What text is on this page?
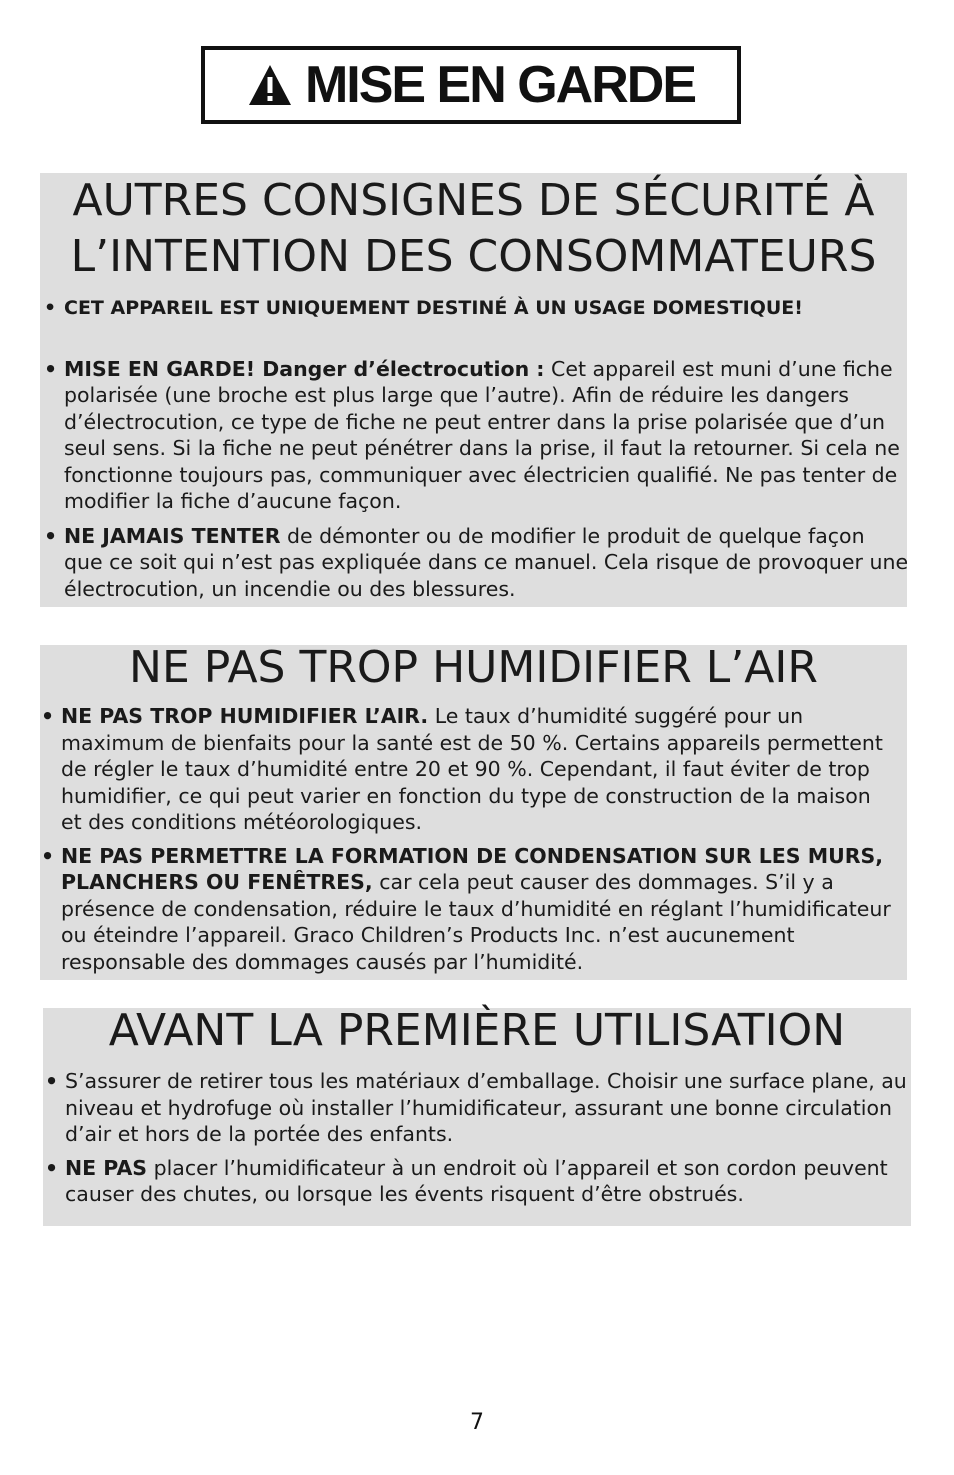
MISE EN GARDE
AUTRES CONSIGNES DE SÉCURITÉ À
L’INTENTION DES CONSOMMATEURS
• CET APPAREIL EST UNIQUEMENT DESTINÉ À UN USAGE DOMESTIQUE!
• MISE EN GARDE! Danger d’électrocution : Cet appareil est muni d’une fiche polarisée (une broche est plus large que l’autre). Afin de réduire les dangers d’électrocution, ce type de fiche ne peut entrer dans la prise polarisée que d’un seul sens. Si la fiche ne peut pénétrer dans la prise, il faut la retourner. Si cela ne fonctionne toujours pas, communiquer avec électricien qualifié. Ne pas tenter de modifier la fiche d’aucune façon.
• NE JAMAIS TENTER de démonter ou de modifier le produit de quelque façon que ce soit qui n’est pas expliquée dans ce manuel. Cela risque de provoquer une électrocution, un incendie ou des blessures.
NE PAS TROP HUMIDIFIER L’AIR
• NE PAS TROP HUMIDIFIER L’AIR. Le taux d’humidité suggéré pour un maximum de bienfaits pour la santé est de 50 %. Certains appareils permettent de régler le taux d’humidité entre 20 et 90 %. Cependant, il faut éviter de trop humidifier, ce qui peut varier en fonction du type de construction de la maison et des conditions météorologiques.
• NE PAS PERMETTRE LA FORMATION DE CONDENSATION SUR LES MURS, PLANCHERS OU FENÊTRES, car cela peut causer des dommages. S’il y a présence de condensation, réduire le taux d’humidité en réglant l’humidificateur ou éteindre l’appareil. Graco Children’s Products Inc. n’est aucunement responsable des dommages causés par l’humidité.
AVANT LA PREMIÈRE UTILISATION
• S’assurer de retirer tous les matériaux d’emballage. Choisir une surface plane, au niveau et hydrofuge où installer l’humidificateur, assurant une bonne circulation d’air et hors de la portée des enfants.
• NE PAS placer l’humidificateur à un endroit où l’appareil et son cordon peuvent causer des chutes, ou lorsque les évents risquent d’être obstrués.
7
